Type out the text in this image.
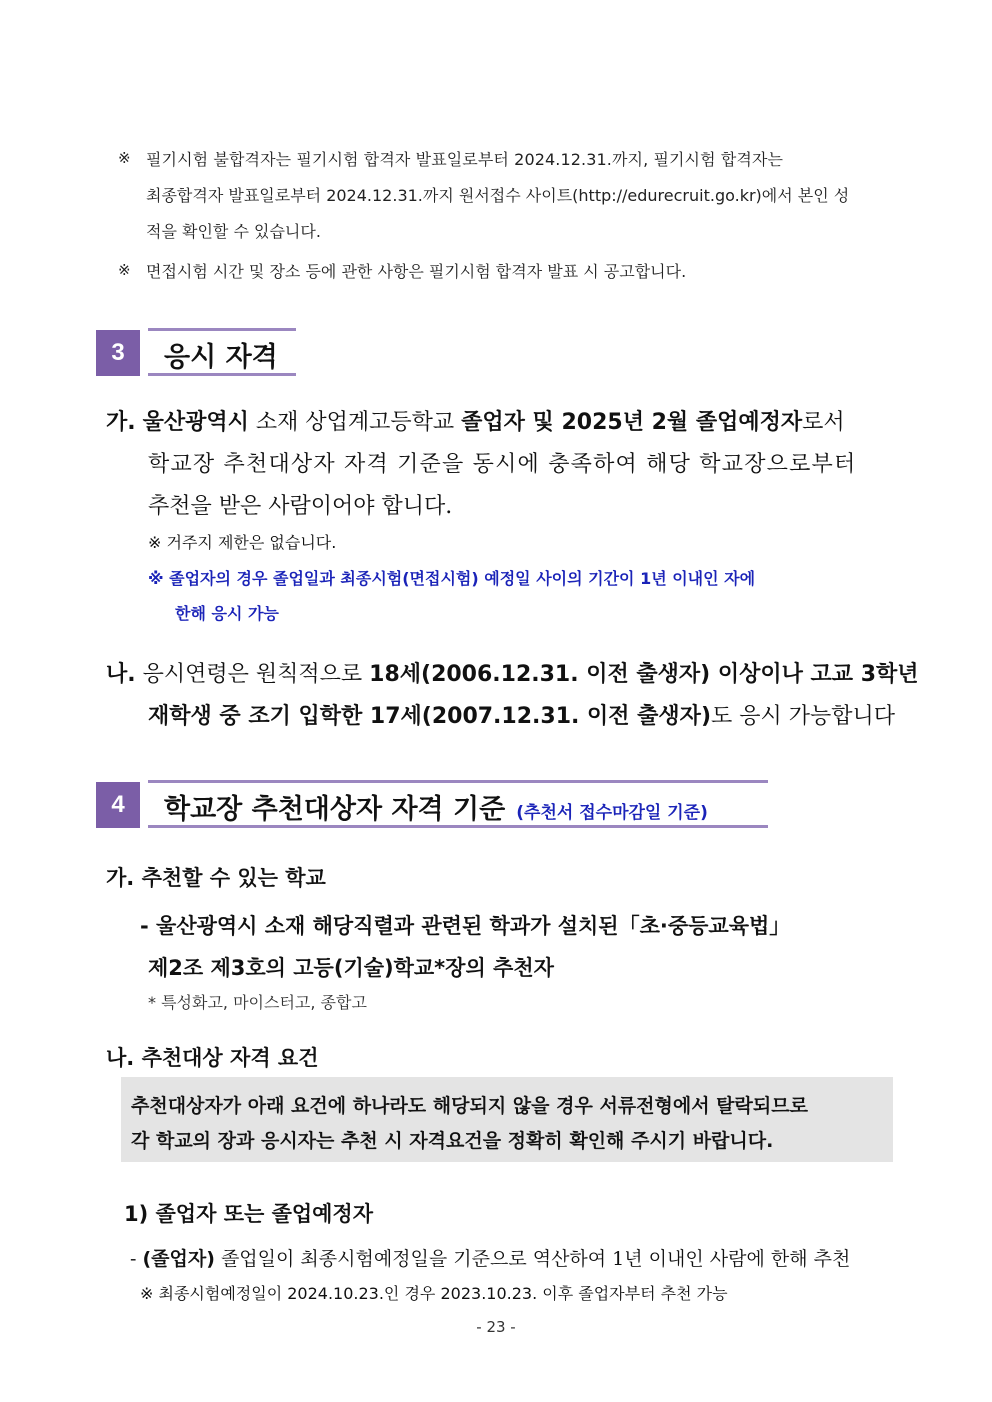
※ 필기시험 불합격자는 필기시험 합격자 발표일로부터 2024.12.31.까지, 필기시험 합격자는
최종합격자 발표일로부터 2024.12.31.까지 원서접수 사이트(http://edurecruit.go.kr)에서 본인 성
적을 확인할 수 있습니다.
※ 면접시험 시간 및 장소 등에 관한 사항은 필기시험 합격자 발표 시 공고합니다.
3	응시 자격
가. 울산광역시 소재 상업계고등학교 졸업자 및 2025년 2월 졸업예정자로서
학교장 추천대상자 자격 기준을 동시에 충족하여 해당 학교장으로부터
추천을 받은 사람이어야 합니다.
※ 거주지 제한은 없습니다.
※ 졸업자의 경우 졸업일과 최종시험(면접시험) 예정일 사이의 기간이 1년 이내인 자에
한해 응시 가능
나. 응시연령은 원칙적으로 18세(2006.12.31. 이전 출생자) 이상이나 고교 3학년
재학생 중 조기 입학한 17세(2007.12.31. 이전 출생자)도 응시 가능합니다
4	학교장 추천대상자 자격 기준 (추천서 접수마감일 기준)
가. 추천할 수 있는 학교
- 울산광역시 소재 해당직렬과 관련된 학과가 설치된「초·중등교육법」
제2조 제3호의 고등(기술)학교*장의 추천자
* 특성화고, 마이스터고, 종합고
나. 추천대상 자격 요건
추천대상자가 아래 요건에 하나라도 해당되지 않을 경우 서류전형에서 탈락되므로
각 학교의 장과 응시자는 추천 시 자격요건을 정확히 확인해 주시기 바랍니다.
1) 졸업자 또는 졸업예정자
- (졸업자) 졸업일이 최종시험예정일을 기준으로 역산하여 1년 이내인 사람에 한해 추천
※ 최종시험예정일이 2024.10.23.인 경우 2023.10.23. 이후 졸업자부터 추천 가능
- 23 -
